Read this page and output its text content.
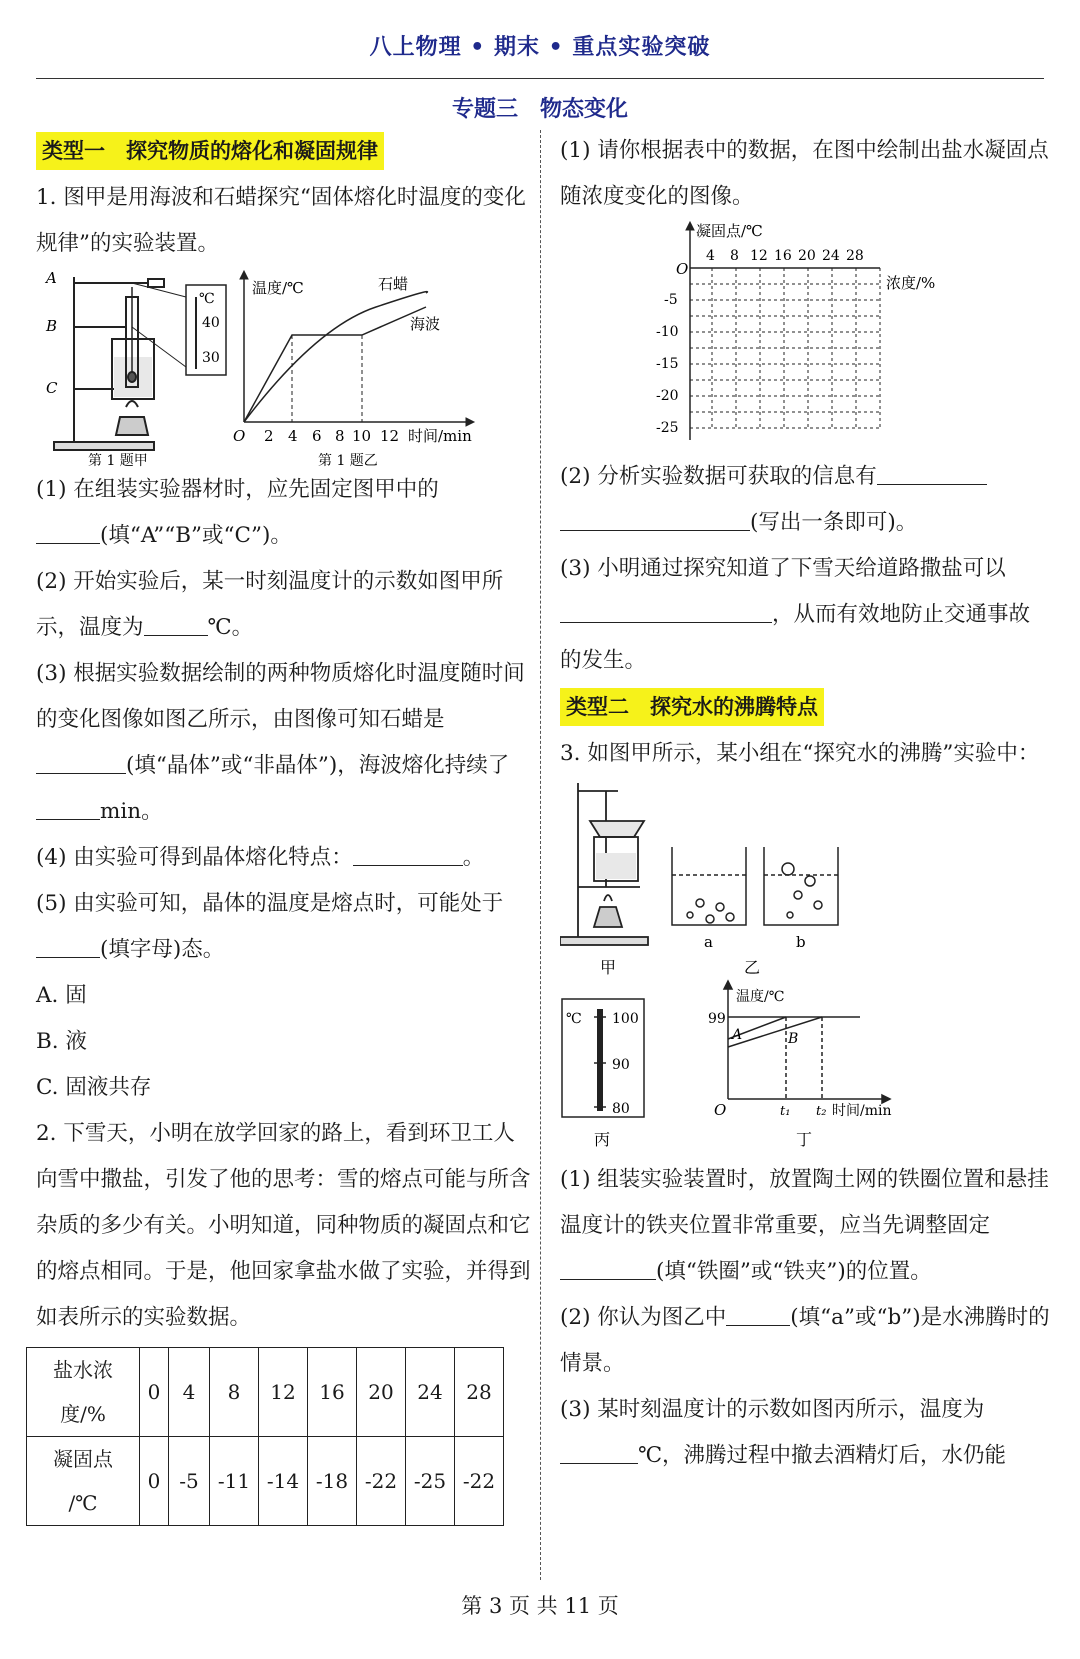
八上物理 • 期末 • 重点实验突破
专题三　物态变化
类型一　探究物质的熔化和凝固规律

1. 图甲是用海波和石蜡探究“固体熔化时温度的变化规律”的实验装置。

A
B
C
℃
40
30
第 1 题甲
温度/℃	石蜡
海波
O 2 4 6 8 10 12 时间/min
第 1 题乙

(1) 在组装实验器材时，应先固定图甲中的
(填“A”“B”或“C”)。

(2) 开始实验后，某一时刻温度计的示数如图甲所示，温度为	℃。

(3) 根据实验数据绘制的两种物质熔化时温度随时间的变化图像如图乙所示，由图像可知石蜡是(填“晶体”或“非晶体”)，海波熔化持续了min。

(4) 由实验可得到晶体熔化特点：	。

(5) 由实验可知，晶体的温度是熔点时，可能处于(填字母)态。

A. 固

B. 液

C. 固液共存

2. 下雪天，小明在放学回家的路上，看到环卫工人向雪中撒盐，引发了他的思考：雪的熔点可能与所含杂质的多少有关。小明知道，同种物质的凝固点和它的熔点相同。于是，他回家拿盐水做了实验，并得到如表所示的实验数据。

盐水浓
度/%	0	4	8	12	16	20	24	28
凝固点
/℃	0	-5	-11	-14	-18	-22	-25	-22

(1) 请你根据表中的数据，在图中绘制出盐水凝固点随浓度变化的图像。

凝固点/℃
O
4 8 12 16 20 24 28
浓度/%
-5
-10
-15
-20
-25

(2) 分析实验数据可获取的信息有
(写出一条即可)。

(3) 小明通过探究知道了下雪天给道路撒盐可以，从而有效地防止交通事故的发生。

类型二　探究水的沸腾特点

3. 如图甲所示，某小组在“探究水的沸腾”实验中：

甲
a	b
乙
℃ 100
90
80
丙
温度/℃
99
A	B
O	t₁ t₂ 时间/min
丁

(1) 组装实验装置时，放置陶土网的铁圈位置和悬挂温度计的铁夹位置非常重要，应当先调整固定(填“铁圈”或“铁夹”)的位置。

(2) 你认为图乙中	(填“a”或“b”)是水沸腾时的情景。

(3) 某时刻温度计的示数如图丙所示，温度为
℃，沸腾过程中撤去酒精灯后，水仍能

第 3 页 共 11 页
